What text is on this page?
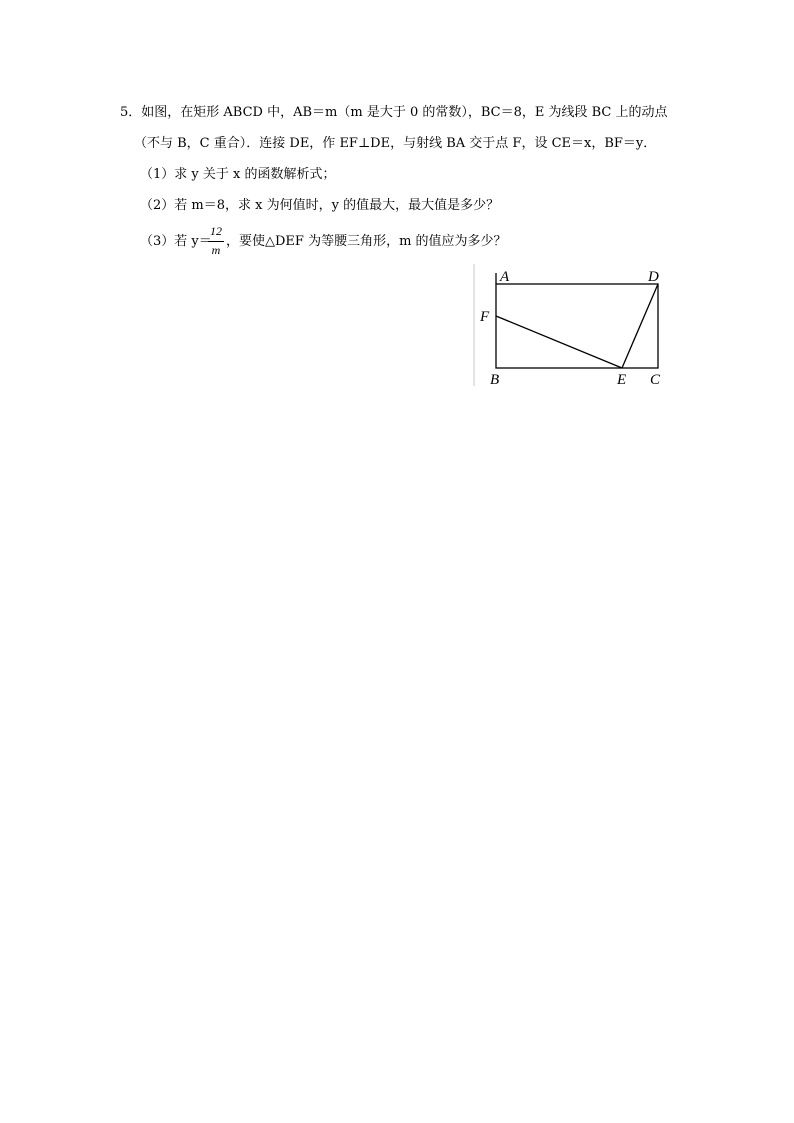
5．如图，在矩形 ABCD 中，AB＝m（m 是大于 0 的常数），BC＝8，E 为线段 BC 上的动点
（不与 B，C 重合）．连接 DE，作 EF⊥DE，与射线 BA 交于点 F，设 CE＝x，BF＝y．
（1）求 y 关于 x 的函数解析式；
（2）若 m＝8，求 x 为何值时，y 的值最大，最大值是多少？
（3）若 y＝
12
m
，要使△DEF 为等腰三角形，m 的值应为多少？
A	D
F
B	E C
